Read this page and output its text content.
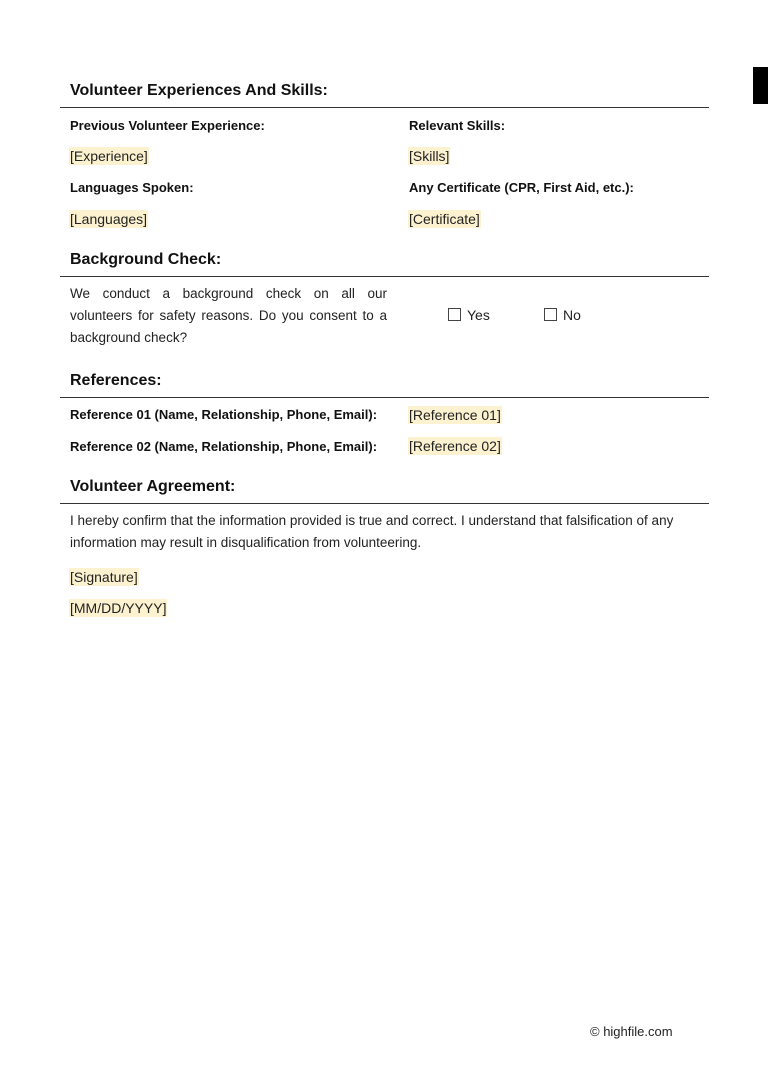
Volunteer Experiences And Skills:
Previous Volunteer Experience:	Relevant Skills:
[Experience]	[Skills]
Languages Spoken:	Any Certificate (CPR, First Aid, etc.):
[Languages]	[Certificate]
Background Check:
We conduct a background check on all our volunteers for safety reasons. Do you consent to a background check?
Yes	No
References:
Reference 01 (Name, Relationship, Phone, Email): [Reference 01]
Reference 02 (Name, Relationship, Phone, Email): [Reference 02]
Volunteer Agreement:
I hereby confirm that the information provided is true and correct. I understand that falsification of any information may result in disqualification from volunteering.
[Signature]
[MM/DD/YYYY]
© highfile.com
